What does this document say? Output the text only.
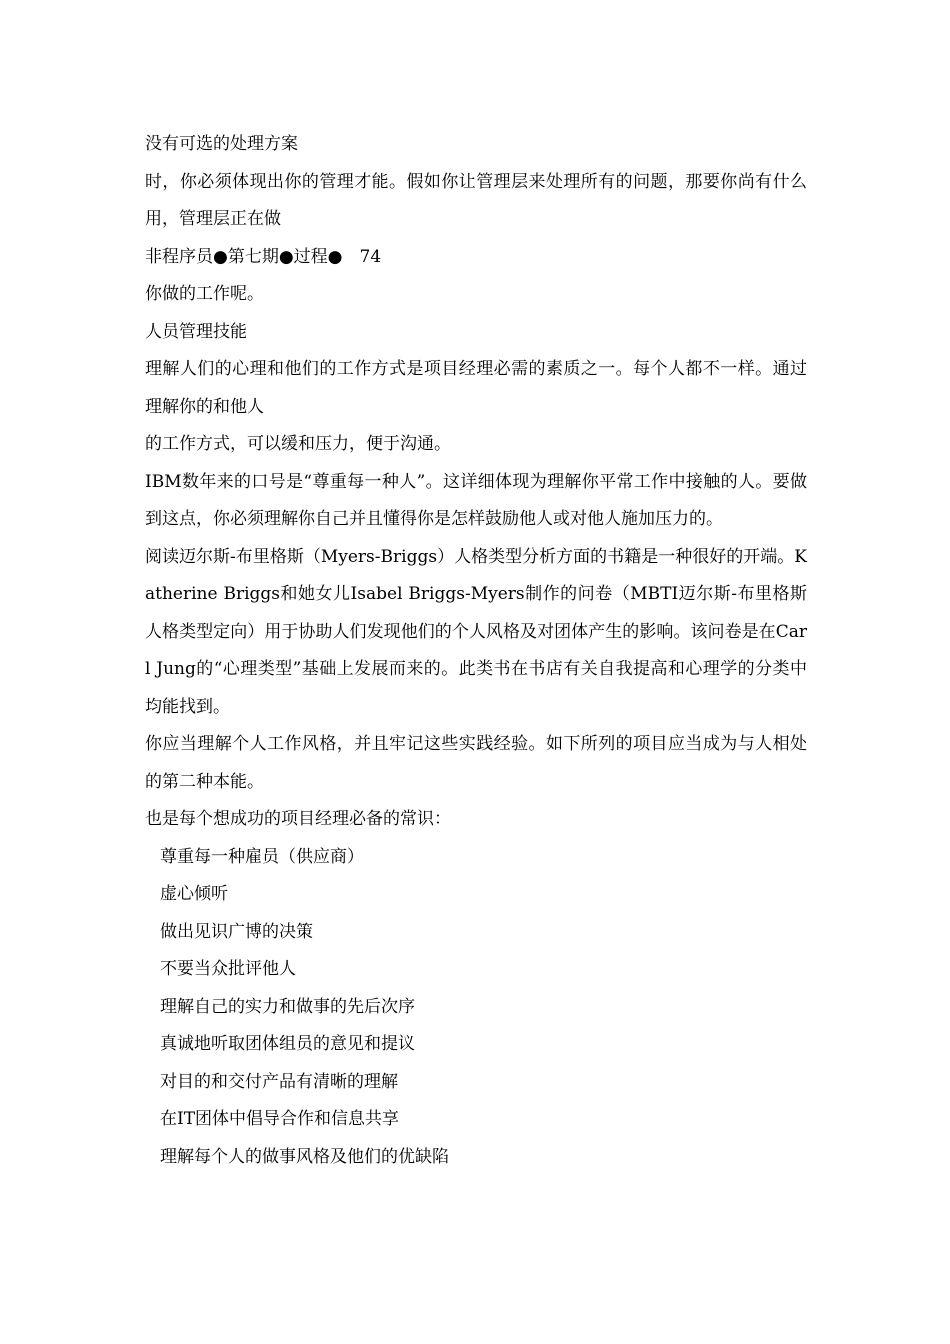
没有可选的处理方案

时，你必须体现出你的管理才能。假如你让管理层来处理所有的问题，那要你尚有什么用，管理层正在做

非程序员●第七期●过程●　74

你做的工作呢。

人员管理技能

理解人们的心理和他们的工作方式是项目经理必需的素质之一。每个人都不一样。通过理解你的和他人

的工作方式，可以缓和压力，便于沟通。

IBM数年来的口号是“尊重每一种人”。这详细体现为理解你平常工作中接触的人。要做到这点，你必须理解你自己并且懂得你是怎样鼓励他人或对他人施加压力的。

阅读迈尔斯-布里格斯（Myers-Briggs）人格类型分析方面的书籍是一种很好的开端。Katherine Briggs和她女儿Isabel Briggs-Myers制作的问卷（MBTI迈尔斯-布里格斯人格类型定向）用于协助人们发现他们的个人风格及对团体产生的影响。该问卷是在Carl Jung的“心理类型”基础上发展而来的。此类书在书店有关自我提高和心理学的分类中均能找到。

你应当理解个人工作风格，并且牢记这些实践经验。如下所列的项目应当成为与人相处的第二种本能。

也是每个想成功的项目经理必备的常识：

尊重每一种雇员（供应商）
虚心倾听
做出见识广博的决策
不要当众批评他人
理解自己的实力和做事的先后次序
真诚地听取团体组员的意见和提议
对目的和交付产品有清晰的理解
在IT团体中倡导合作和信息共享
理解每个人的做事风格及他们的优缺陷
